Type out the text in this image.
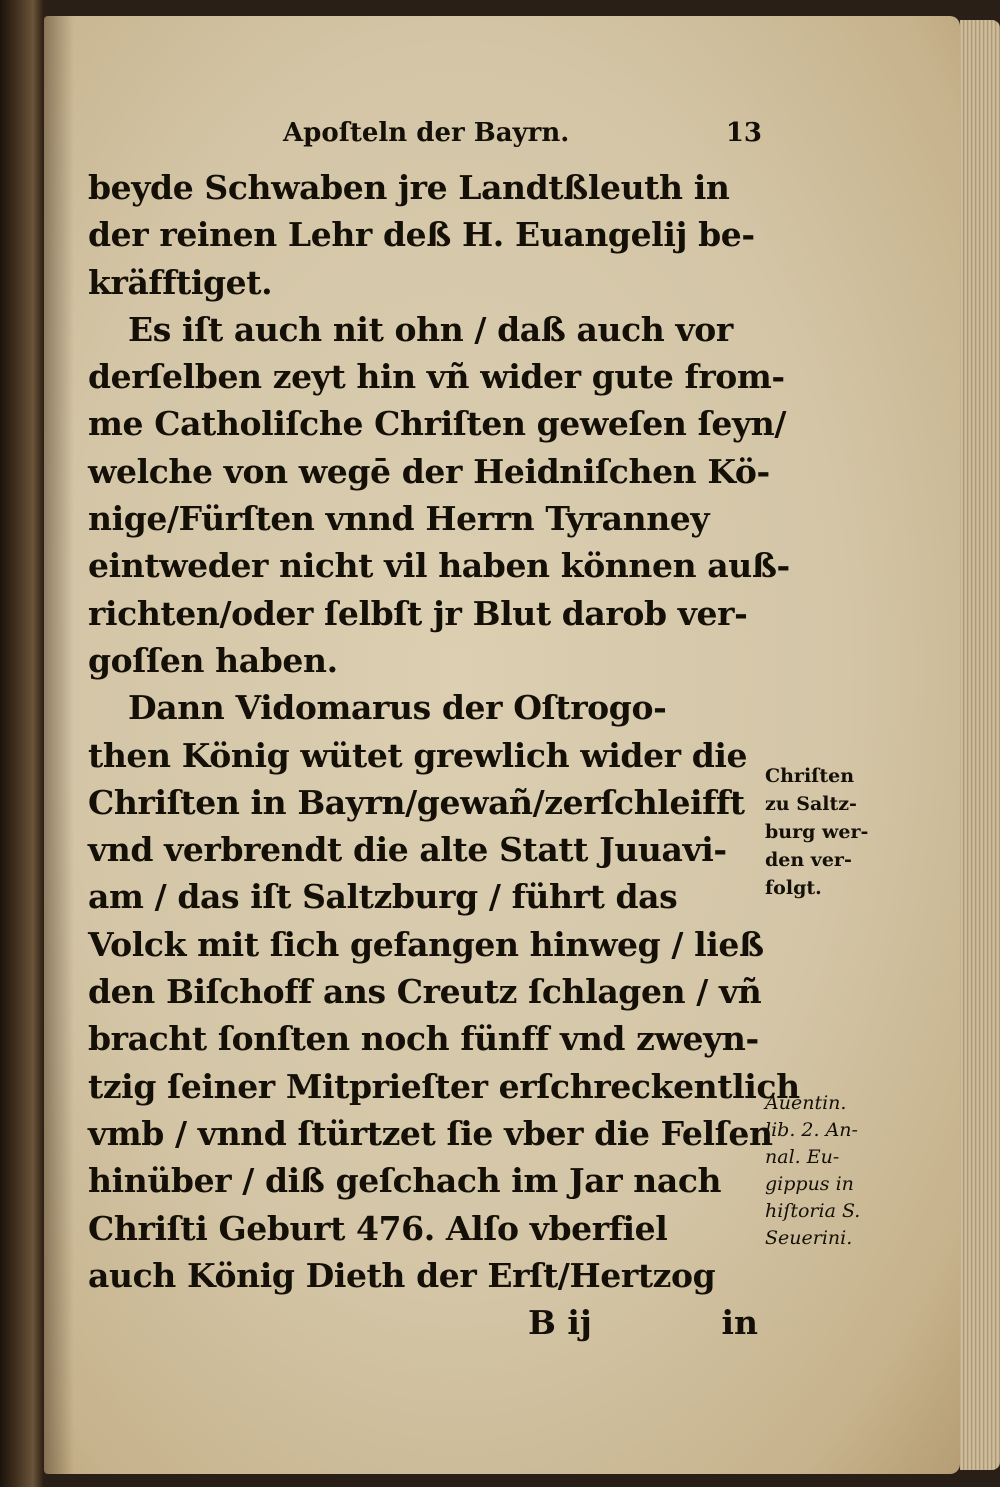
Apoſteln der Bayrn.	13
beyde Schwaben jre Landtßleuth in
der reinen Lehr deß H. Euangelij be-
kräfftiget.
Es iſt auch nit ohn / daß auch vor
derſelben zeyt hin vñ wider gute from-
me Catholiſche Chriſten geweſen ſeyn/
welche von wegē der Heidniſchen Kö-
nige/Fürſten vnnd Herrn Tyranney
eintweder nicht vil haben können auß-
richten/oder ſelbſt jr Blut darob ver-
goſſen haben.
Dann Vidomarus der Oſtrogo-
then König wütet grewlich wider die
Chriſten in Bayrn/gewañ/zerſchleifft
vnd verbrendt die alte Statt Juuavi-
am / das iſt Saltzburg / führt das
Volck mit ſich gefangen hinweg / ließ
den Biſchoff ans Creutz ſchlagen / vñ
bracht ſonſten noch fünff vnd zweyn-
tzig ſeiner Mitprieſter erſchreckentlich
vmb / vnnd ſtürtzet ſie vber die Felſen
hinüber / diß geſchach im Jar nach
Chriſti Geburt 476. Alſo vberfiel
auch König Dieth der Erſt/Hertzog
B ij	in
Chriſten
zu Saltz-
burg wer-
den ver-
folgt.
Auentin.
lib. 2. An-
nal. Eu-
gippus in
hiſtoria S.
Seuerini.
